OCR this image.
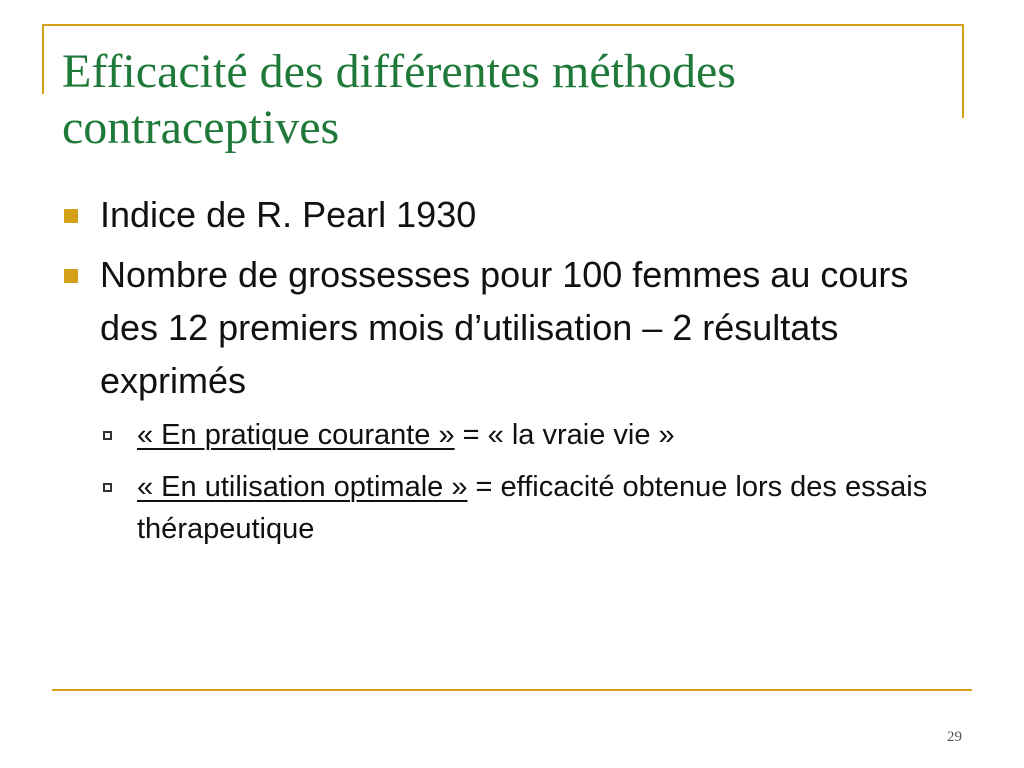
Efficacité des différentes méthodes contraceptives
Indice de R. Pearl 1930
Nombre de grossesses pour 100 femmes au cours des 12 premiers mois d’utilisation – 2 résultats exprimés
« En pratique courante » = « la vraie vie »
« En utilisation optimale » = efficacité obtenue lors des essais thérapeutique
29
